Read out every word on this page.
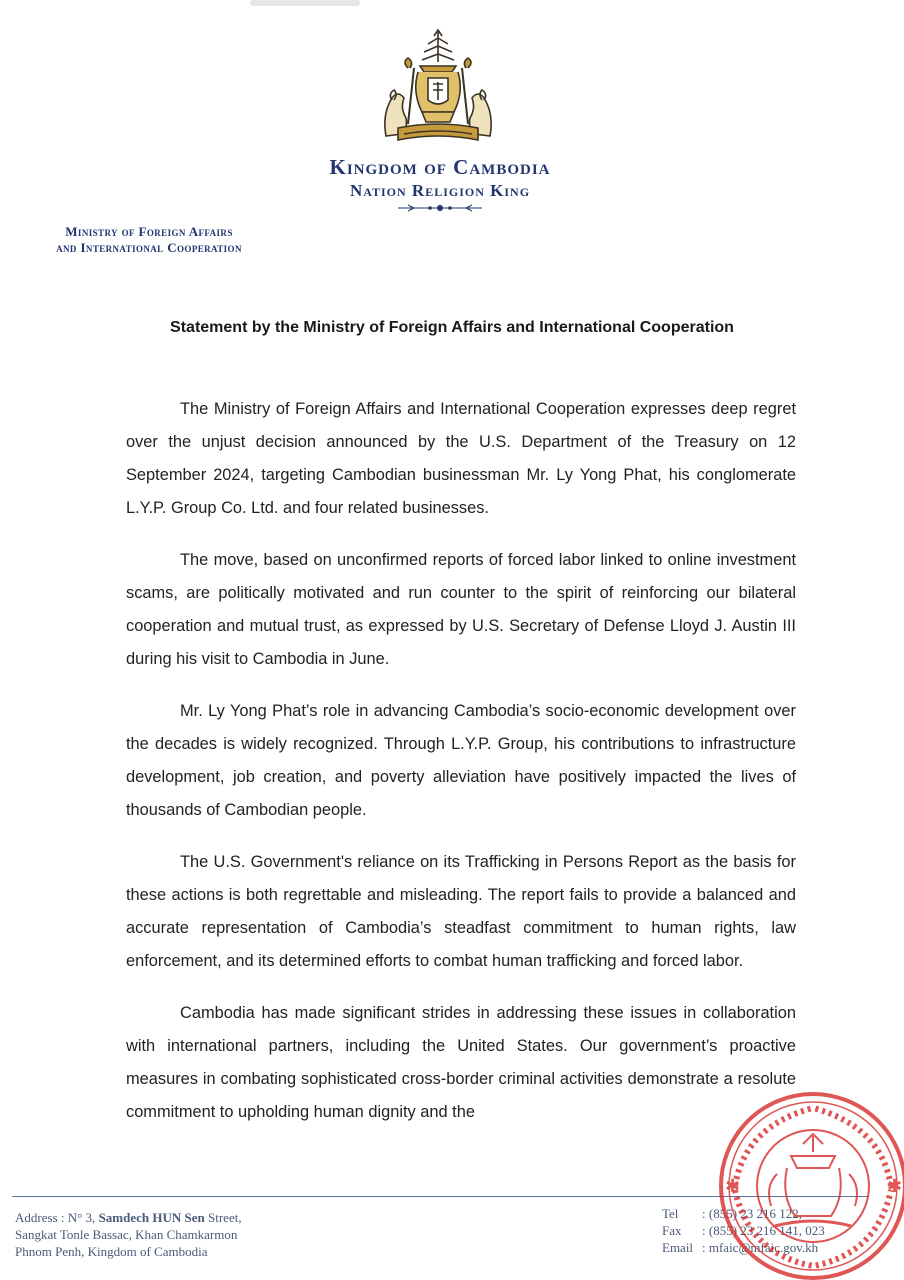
Kingdom of Cambodia
Nation Religion King
Ministry of Foreign Affairs
and International Cooperation
Statement by the Ministry of Foreign Affairs and International Cooperation

The Ministry of Foreign Affairs and International Cooperation expresses deep regret over the unjust decision announced by the U.S. Department of the Treasury on 12 September 2024, targeting Cambodian businessman Mr. Ly Yong Phat, his conglomerate L.Y.P. Group Co. Ltd. and four related businesses.

The move, based on unconfirmed reports of forced labor linked to online investment scams, are politically motivated and run counter to the spirit of reinforcing our bilateral cooperation and mutual trust, as expressed by U.S. Secretary of Defense Lloyd J. Austin III during his visit to Cambodia in June.

Mr. Ly Yong Phat’s role in advancing Cambodia’s socio-economic development over the decades is widely recognized. Through L.Y.P. Group, his contributions to infrastructure development, job creation, and poverty alleviation have positively impacted the lives of thousands of Cambodian people.

The U.S. Government's reliance on its Trafficking in Persons Report as the basis for these actions is both regrettable and misleading. The report fails to provide a balanced and accurate representation of Cambodia’s steadfast commitment to human rights, law enforcement, and its determined efforts to combat human trafficking and forced labor.

Cambodia has made significant strides in addressing these issues in collaboration with international partners, including the United States. Our government’s proactive measures in combating sophisticated cross-border criminal activities demonstrate a resolute commitment to upholding human dignity and the

Address : N° 3, Samdech HUN Sen Street,
Sangkat Tonle Bassac, Khan Chamkarmon
Phnom Penh, Kingdom of Cambodia
Tel : (855) 23 216 122,
Fax : (855) 23 216 141, 023
Email : mfaic@mfaic.gov.kh
✱	✱
